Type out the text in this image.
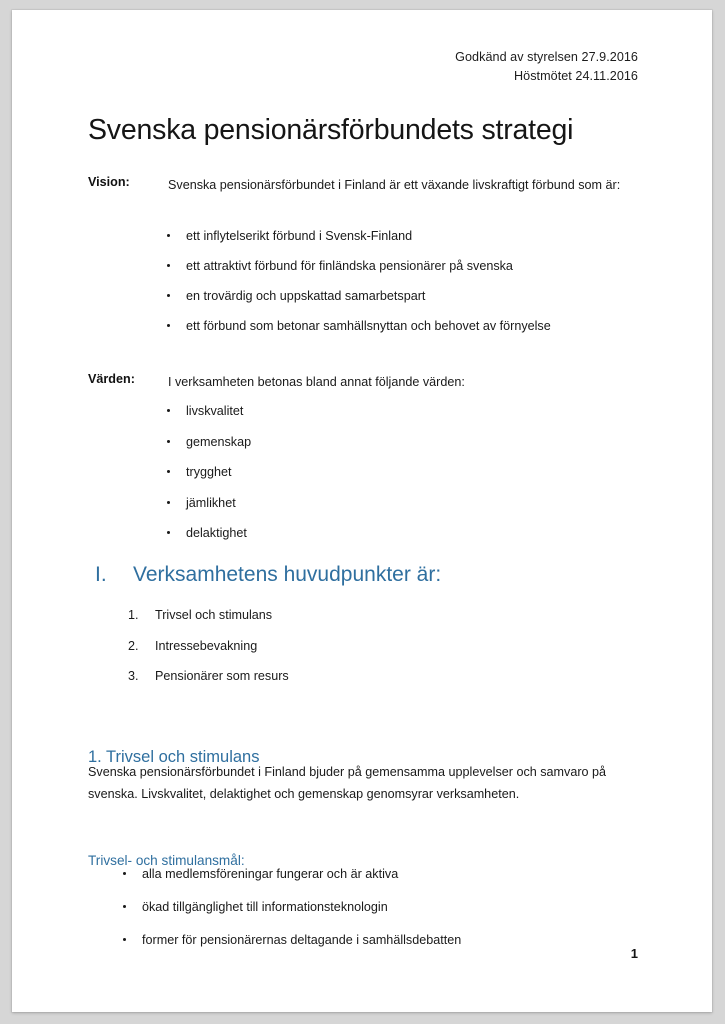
Godkänd av styrelsen 27.9.2016
Höstmötet 24.11.2016
Svenska pensionärsförbundets strategi
Vision:	Svenska pensionärsförbundet i Finland är ett växande livskraftigt förbund som är:
ett inflytelserikt förbund i Svensk-Finland
ett attraktivt förbund för finländska pensionärer på svenska
en trovärdig och uppskattad samarbetspart
ett förbund som betonar samhällsnyttan och behovet av förnyelse
Värden:	I verksamheten betonas bland annat följande värden:
livskvalitet
gemenskap
trygghet
jämlikhet
delaktighet
I. Verksamhetens huvudpunkter är:
1. Trivsel och stimulans
2. Intressebevakning
3. Pensionärer som resurs
1. Trivsel och stimulans

Svenska pensionärsförbundet i Finland bjuder på gemensamma upplevelser och samvaro på svenska. Livskvalitet, delaktighet och gemenskap genomsyrar verksamheten.

Trivsel- och stimulansmål:
alla medlemsföreningar fungerar och är aktiva
ökad tillgänglighet till informationsteknologin
former för pensionärernas deltagande i samhällsdebatten
1
